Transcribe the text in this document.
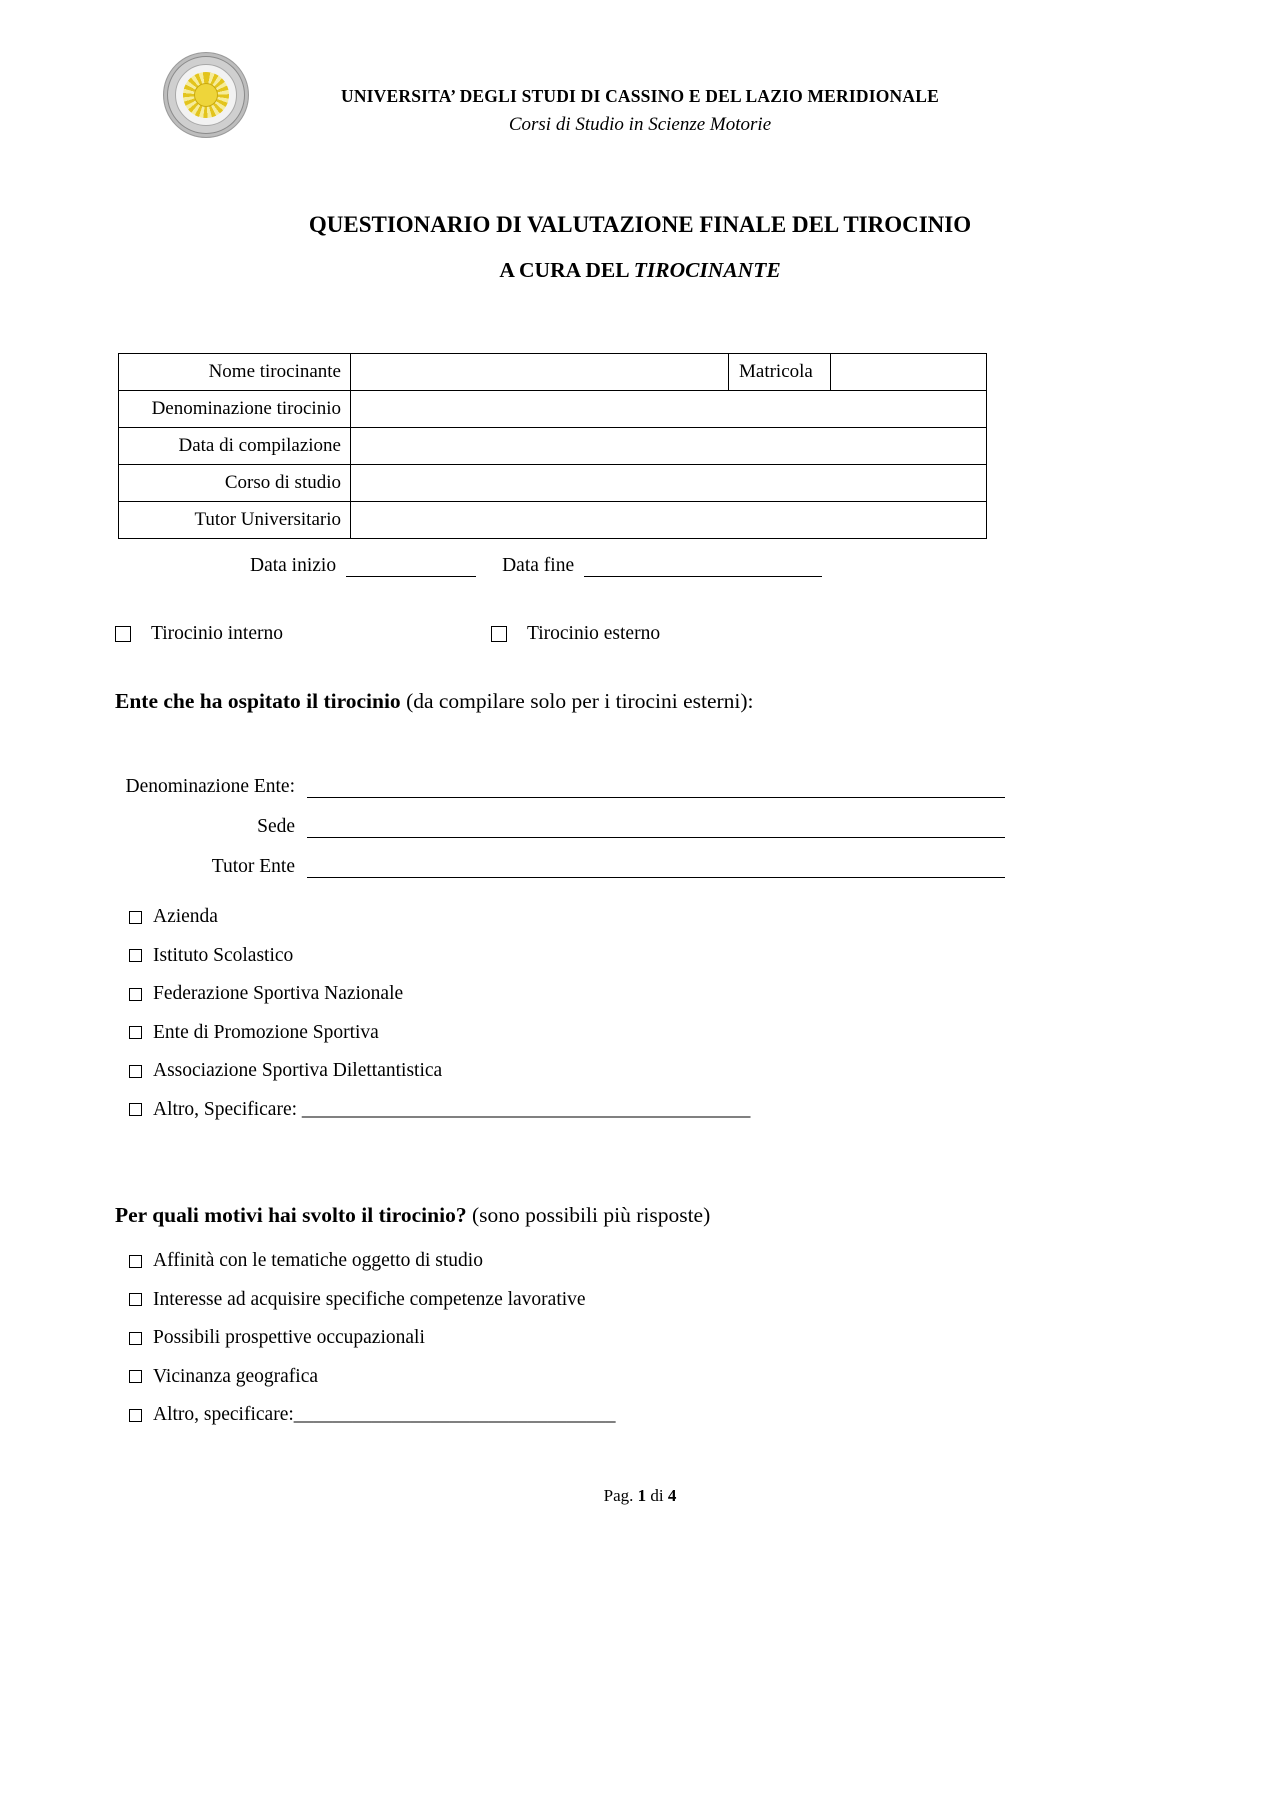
UNIVERSITA’ DEGLI STUDI DI CASSINO E DEL LAZIO MERIDIONALE
Corsi di Studio in Scienze Motorie
QUESTIONARIO DI VALUTAZIONE FINALE DEL TIROCINIO
A CURA DEL TIROCINANTE
Nome tirocinante		Matricola	
Denominazione tirocinio			
Data di compilazione			
Corso di studio			
Tutor Universitario			
Data inizio	Data fine
Tirocinio interno	Tirocinio esterno
Ente che ha ospitato il tirocinio (da compilare solo per i tirocini esterni):
Denominazione Ente:
Sede
Tutor Ente
Azienda
Istituto Scolastico
Federazione Sportiva Nazionale
Ente di Promozione Sportiva
Associazione Sportiva Dilettantistica
Altro, Specificare: ______________________________________________
Per quali motivi hai svolto il tirocinio? (sono possibili più risposte)
Affinità con le tematiche oggetto di studio
Interesse ad acquisire specifiche competenze lavorative
Possibili prospettive occupazionali
Vicinanza geografica
Altro, specificare: _________________________________
Pag. 1 di 4
